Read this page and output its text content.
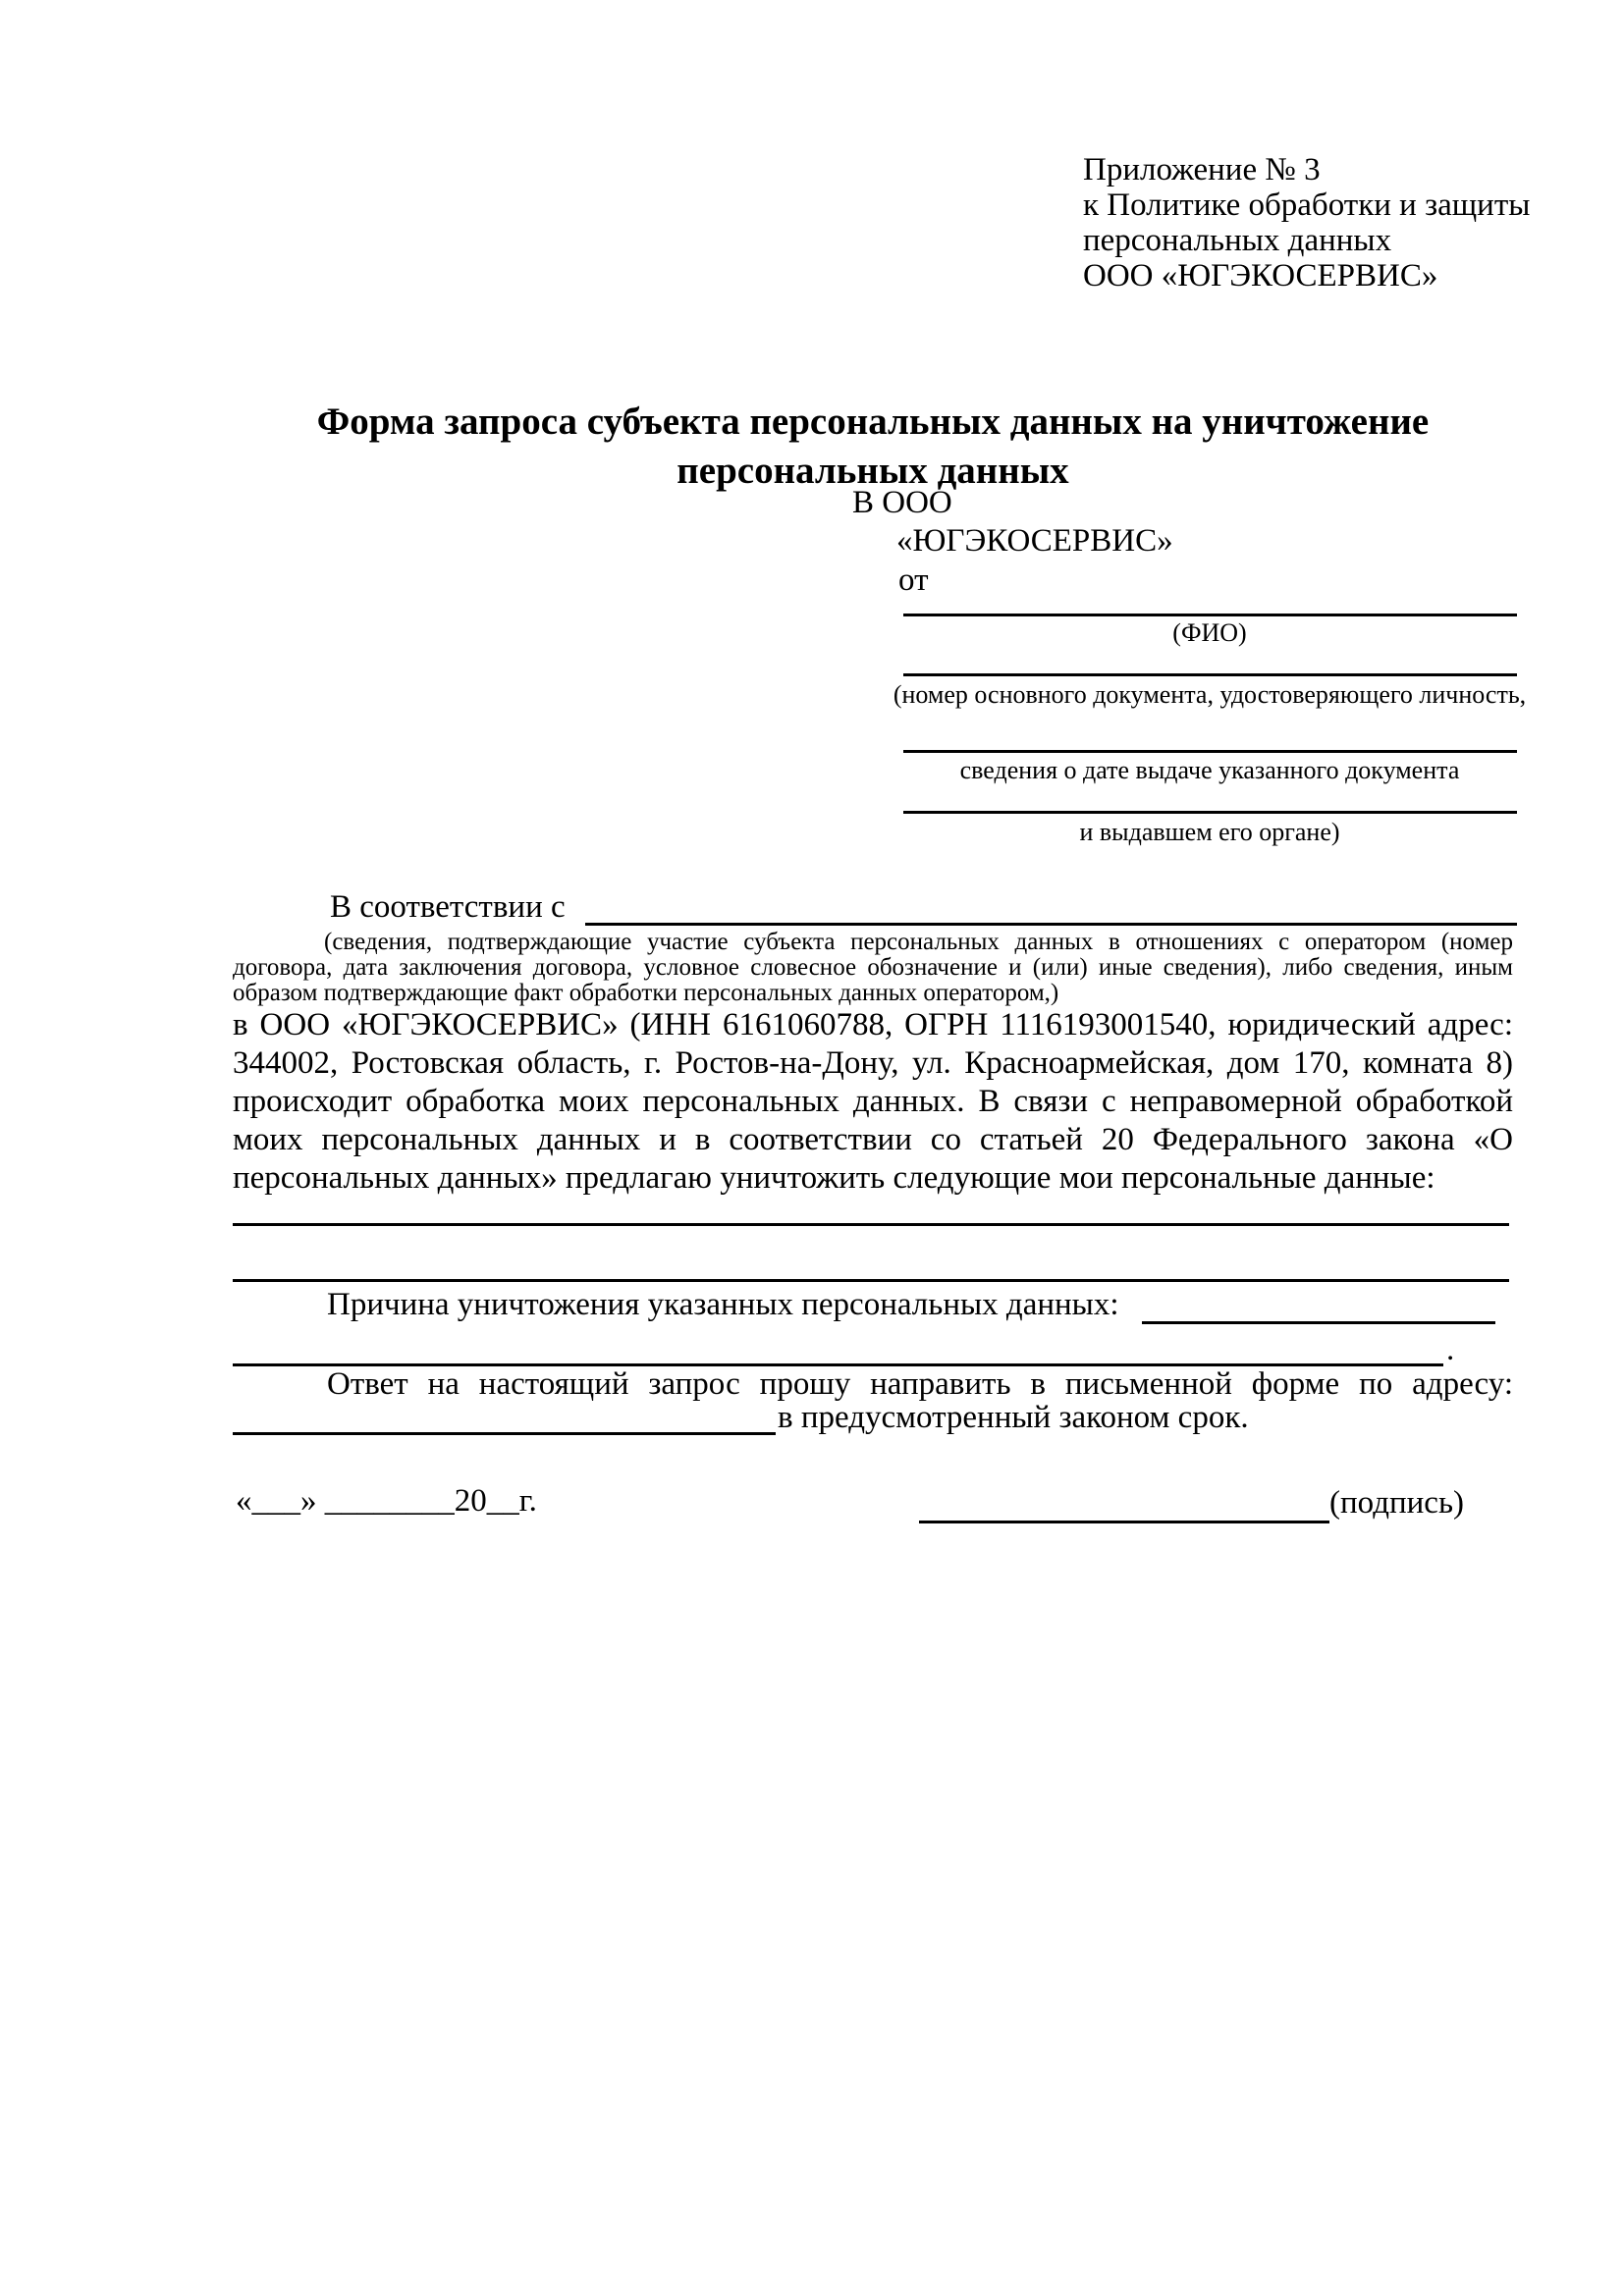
Приложение № 3
к Политике обработки и защиты
персональных данных
ООО «ЮГЭКОСЕРВИС»
Форма запроса субъекта персональных данных на уничтожение
персональных данных
В ООО
«ЮГЭКОСЕРВИС»
от
(ФИО)
(номер основного документа, удостоверяющего личность,
сведения о дате выдаче указанного документа
и выдавшем его органе)
В соответствии с
(сведения, подтверждающие участие субъекта персональных данных в отношениях с оператором (номер договора, дата заключения договора, условное словесное обозначение и (или) иные сведения), либо сведения, иным образом подтверждающие факт обработки персональных данных оператором,)
в ООО «ЮГЭКОСЕРВИС» (ИНН 6161060788, ОГРН 1116193001540, юридический адрес: 344002, Ростовская область, г. Ростов-на-Дону, ул. Красноармейская, дом 170, комната 8) происходит обработка моих персональных данных. В связи с неправомерной обработкой моих персональных данных и в соответствии со статьей 20 Федерального закона «О персональных данных» предлагаю уничтожить следующие мои персональные данные:
Причина уничтожения указанных персональных данных:
.
Ответ на настоящий запрос прошу направить в письменной форме по адресу:
в предусмотренный законом срок.
«___» ________20__г.	(подпись)
